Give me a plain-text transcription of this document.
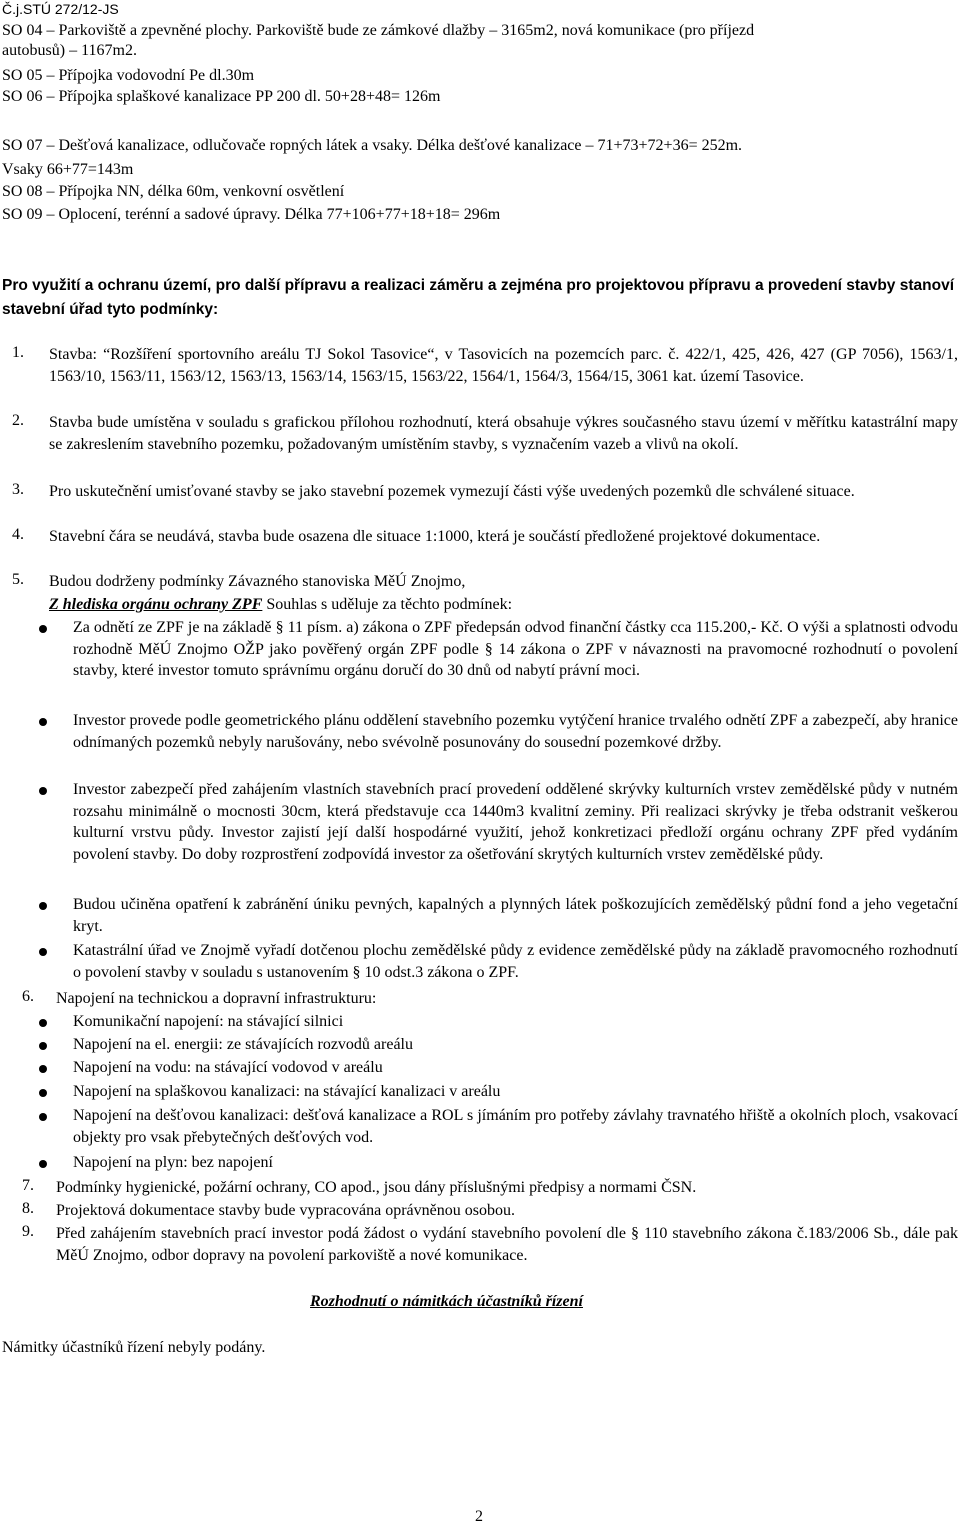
Č.j.STÚ 272/12-JS
SO 04 – Parkoviště a zpevněné plochy. Parkoviště bude ze zámkové dlažby – 3165m2, nová komunikace (pro příjezd
autobusů) – 1167m2.
SO 05 – Přípojka vodovodní Pe dl.30m
SO 06 – Přípojka splaškové kanalizace PP 200 dl. 50+28+48= 126m
SO 07 – Dešťová kanalizace, odlučovače ropných látek a vsaky. Délka dešťové kanalizace – 71+73+72+36= 252m.
Vsaky 66+77=143m
SO 08 – Přípojka NN, délka 60m, venkovní osvětlení
SO 09 – Oplocení, terénní a sadové úpravy. Délka 77+106+77+18+18= 296m
Pro využití a ochranu území, pro další přípravu a realizaci záměru a zejména pro projektovou přípravu a provedení stavby stanoví stavební úřad tyto podmínky:
1. Stavba: “Rozšíření sportovního areálu TJ Sokol Tasovice“, v Tasovicích na pozemcích parc. č. 422/1, 425, 426, 427 (GP 7056), 1563/1, 1563/10, 1563/11, 1563/12, 1563/13, 1563/14, 1563/15, 1563/22, 1564/1, 1564/3, 1564/15, 3061 kat. území Tasovice.
2. Stavba bude umístěna v souladu s grafickou přílohou rozhodnutí, která obsahuje výkres současného stavu území v měřítku katastrální mapy se zakreslením stavebního pozemku, požadovaným umístěním stavby, s vyznačením vazeb a vlivů na okolí.
3. Pro uskutečnění umisťované stavby se jako stavební pozemek vymezují části výše uvedených pozemků dle schválené situace.
4. Stavební čára se neudává, stavba bude osazena dle situace 1:1000, která je součástí předložené projektové dokumentace.
5. Budou dodrženy podmínky Závazného stanoviska MěÚ Znojmo,
Z hlediska orgánu ochrany ZPF Souhlas s uděluje za těchto podmínek:
Za odnětí ze ZPF je na základě § 11 písm. a) zákona o ZPF předepsán odvod finanční částky cca 115.200,- Kč. O výši a splatnosti odvodu rozhodně MěÚ Znojmo OŽP jako pověřený orgán ZPF podle § 14 zákona o ZPF v návaznosti na pravomocné rozhodnutí o povolení stavby, které investor tomuto správnímu orgánu doručí do 30 dnů od nabytí právní moci.
Investor provede podle geometrického plánu oddělení stavebního pozemku vytýčení hranice trvalého odnětí ZPF a zabezpečí, aby hranice odnímaných pozemků nebyly narušovány, nebo svévolně posunovány do sousední pozemkové držby.
Investor zabezpečí před zahájením vlastních stavebních prací provedení oddělené skrývky kulturních vrstev zemědělské půdy v nutném rozsahu minimálně o mocnosti 30cm, která představuje cca 1440m3 kvalitní zeminy. Při realizaci skrývky je třeba odstranit veškerou kulturní vrstvu půdy. Investor zajistí její další hospodárné využití, jehož konkretizaci předloží orgánu ochrany ZPF před vydáním povolení stavby. Do doby rozprostření zodpovídá investor za ošetřování skrytých kulturních vrstev zemědělské půdy.
Budou učiněna opatření k zabránění úniku pevných, kapalných a plynných látek poškozujících zemědělský půdní fond a jeho vegetační kryt.
Katastrální úřad ve Znojmě vyřadí dotčenou plochu zemědělské půdy z evidence zemědělské půdy na základě pravomocného rozhodnutí o povolení stavby v souladu s ustanovením § 10 odst.3 zákona o ZPF.
6. Napojení na technickou a dopravní infrastrukturu:
Komunikační napojení: na stávající silnici
Napojení na el. energii: ze stávajících rozvodů areálu
Napojení na vodu: na stávající vodovod v areálu
Napojení na splaškovou kanalizaci: na stávající kanalizaci v areálu
Napojení na dešťovou kanalizaci: dešťová kanalizace a ROL s jímáním pro potřeby závlahy travnatého hřiště a okolních ploch, vsakovací objekty pro vsak přebytečných dešťových vod.
Napojení na plyn: bez napojení
7. Podmínky hygienické, požární ochrany, CO apod., jsou dány příslušnými předpisy a normami ČSN.
8. Projektová dokumentace stavby bude vypracována oprávněnou osobou.
9. Před zahájením stavebních prací investor podá žádost o vydání stavebního povolení dle § 110 stavebního zákona č.183/2006 Sb., dále pak MěÚ Znojmo, odbor dopravy na povolení parkoviště a nové komunikace.
Rozhodnutí o námitkách účastníků řízení
Námitky účastníků řízení nebyly podány.
2
